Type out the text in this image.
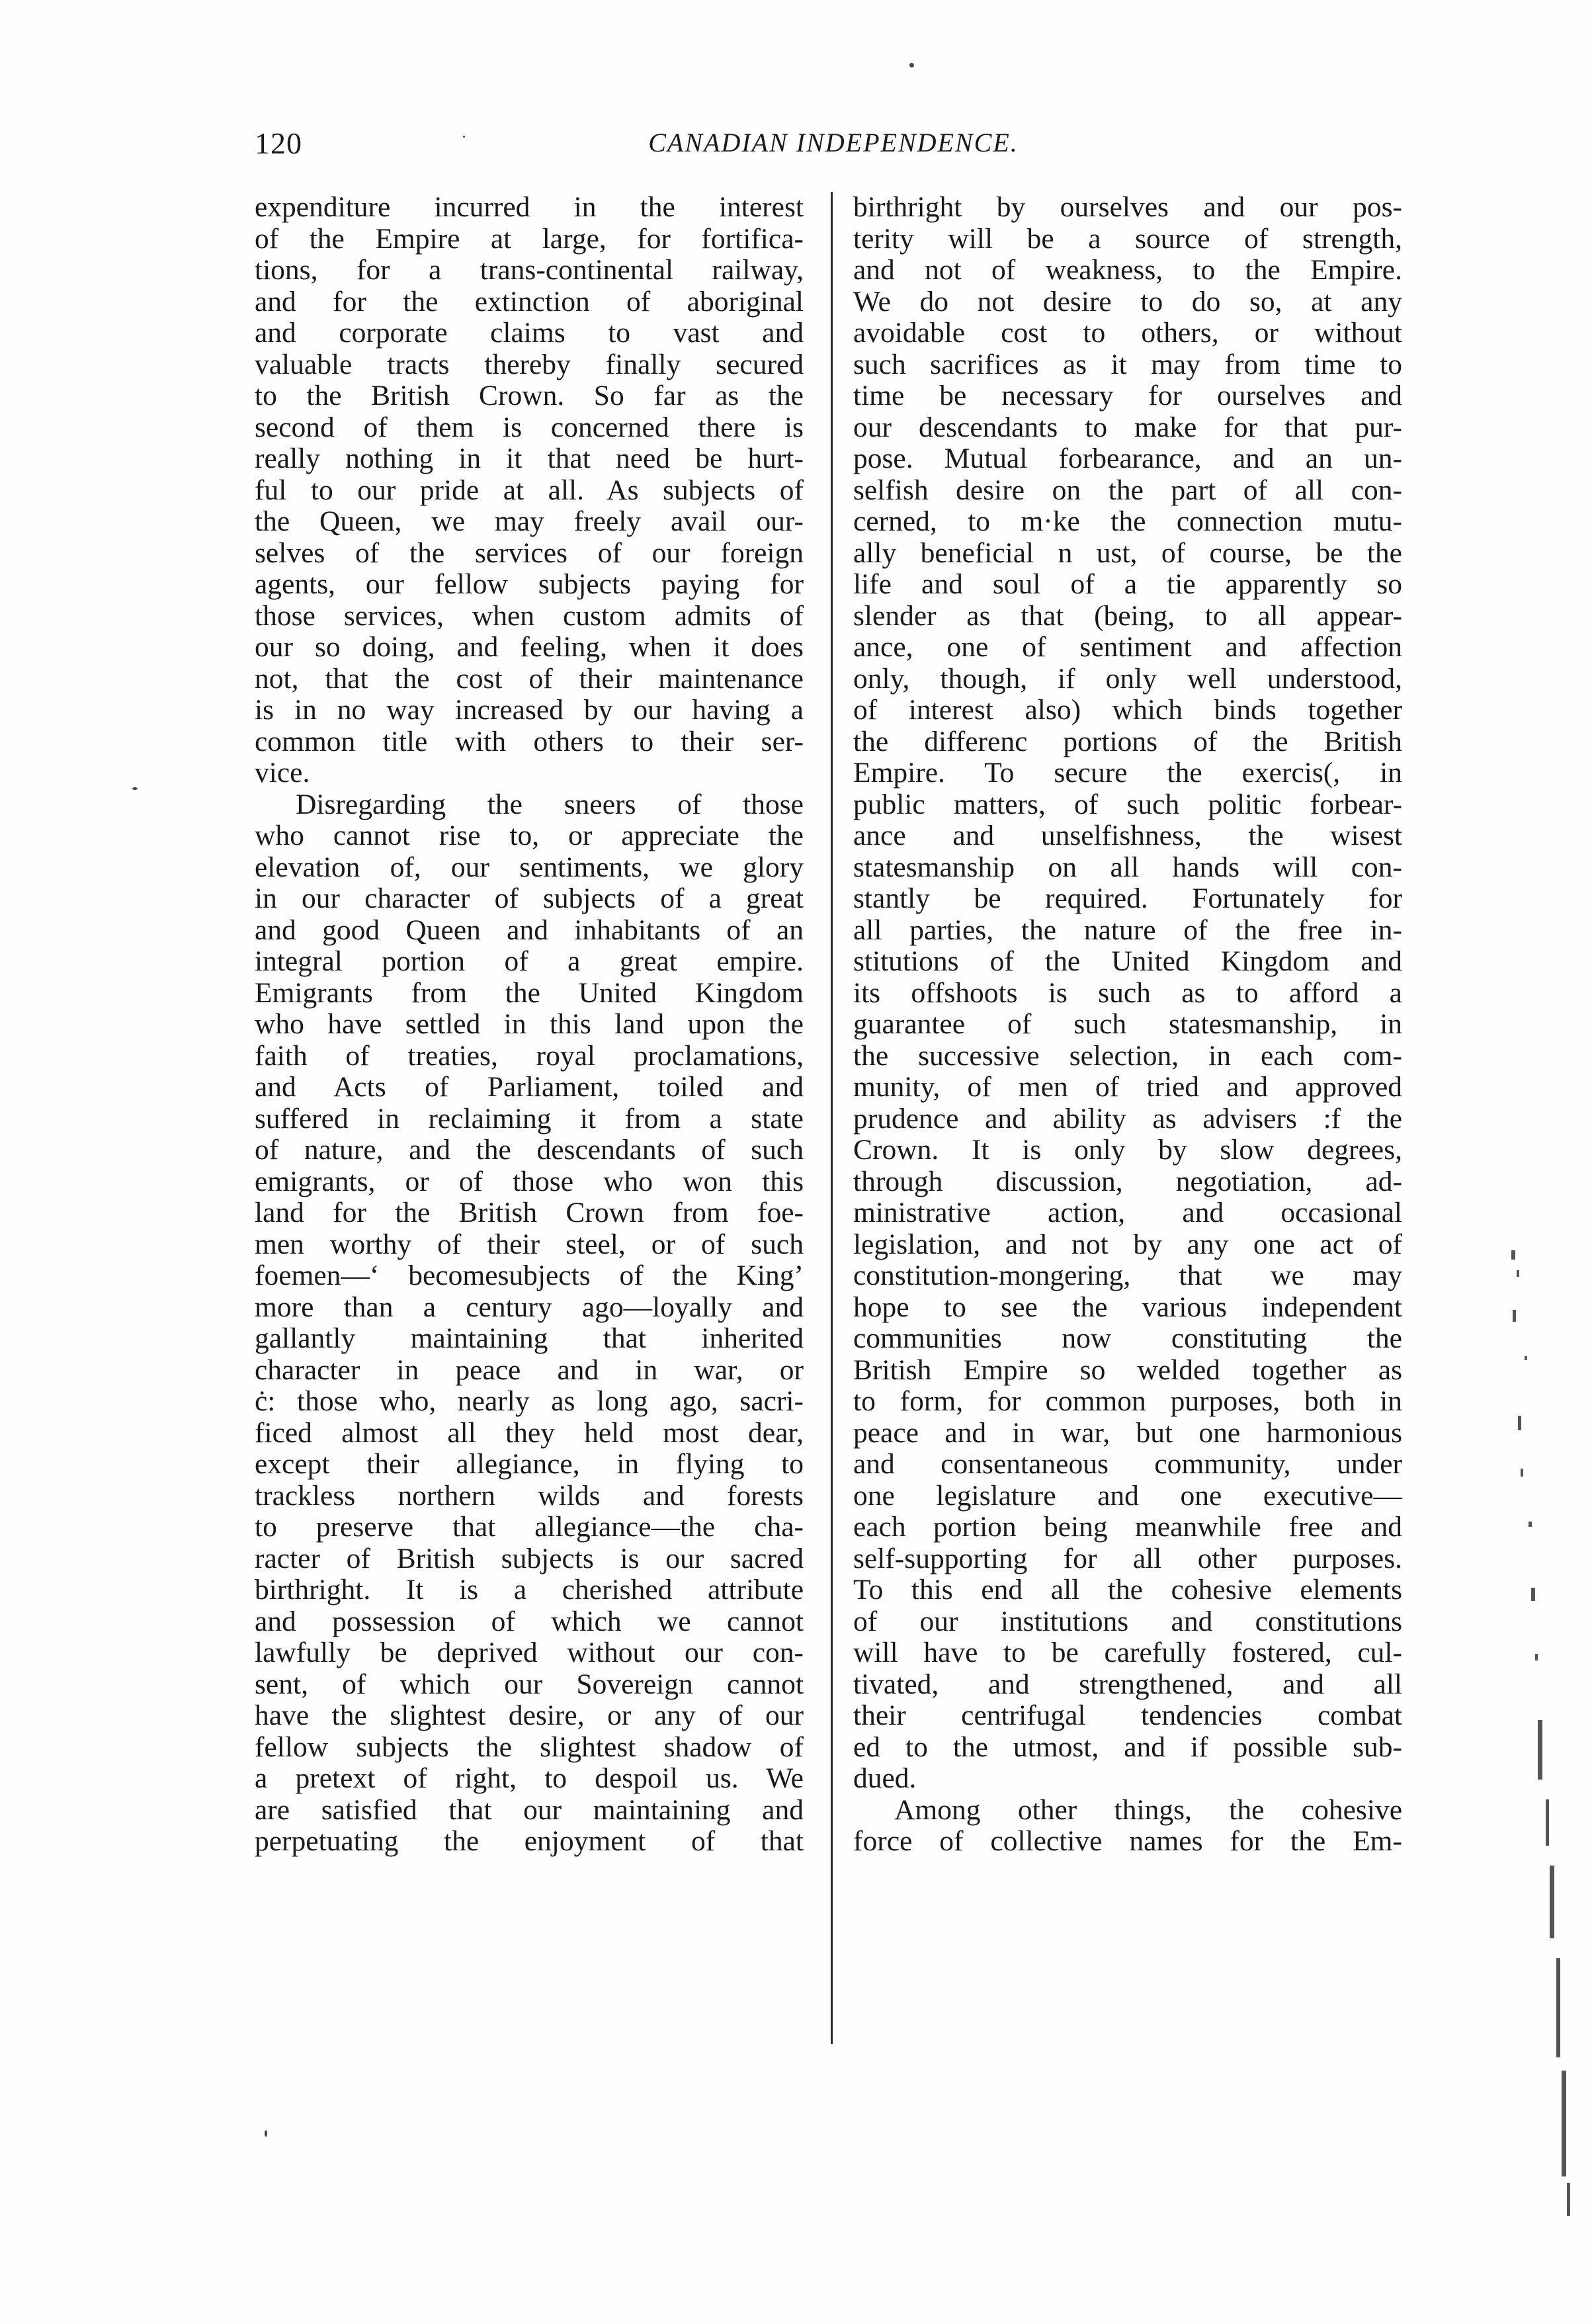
120	CANADIAN INDEPENDENCE.
expenditure incurred in the interest
of the Empire at large, for fortifica-
tions, for a trans-continental railway,
and for the extinction of aboriginal
and corporate claims to vast and
valuable tracts thereby finally secured
to the British Crown. So far as the
second of them is concerned there is
really nothing in it that need be hurt-
ful to our pride at all. As subjects of
the Queen, we may freely avail our-
selves of the services of our foreign
agents, our fellow subjects paying for
those services, when custom admits of
our so doing, and feeling, when it does
not, that the cost of their maintenance
is in no way increased by our having a
common title with others to their ser-
vice.
Disregarding the sneers of those
who cannot rise to, or appreciate the
elevation of, our sentiments, we glory
in our character of subjects of a great
and good Queen and inhabitants of an
integral portion of a great empire.
Emigrants from the United Kingdom
who have settled in this land upon the
faith of treaties, royal proclamations,
and Acts of Parliament, toiled and
suffered in reclaiming it from a state
of nature, and the descendants of such
emigrants, or of those who won this
land for the British Crown from foe-
men worthy of their steel, or of such
foemen—‘ becomesubjects of the King’
more than a century ago—loyally and
gallantly maintaining that inherited
character in peace and in war, or
ċ: those who, nearly as long ago, sacri-
ficed almost all they held most dear,
except their allegiance, in flying to
trackless northern wilds and forests
to preserve that allegiance—the cha-
racter of British subjects is our sacred
birthright. It is a cherished attribute
and possession of which we cannot
lawfully be deprived without our con-
sent, of which our Sovereign cannot
have the slightest desire, or any of our
fellow subjects the slightest shadow of
a pretext of right, to despoil us. We
are satisfied that our maintaining and
perpetuating the enjoyment of that
birthright by ourselves and our pos-
terity will be a source of strength,
and not of weakness, to the Empire.
We do not desire to do so, at any
avoidable cost to others, or without
such sacrifices as it may from time to
time be necessary for ourselves and
our descendants to make for that pur-
pose. Mutual forbearance, and an un-
selfish desire on the part of all con-
cerned, to m·ke the connection mutu-
ally beneficial n ust, of course, be the
life and soul of a tie apparently so
slender as that (being, to all appear-
ance, one of sentiment and affection
only, though, if only well understood,
of interest also) which binds together
the differenc portions of the British
Empire. To secure the exercis(, in
public matters, of such politic forbear-
ance and unselfishness, the wisest
statesmanship on all hands will con-
stantly be required. Fortunately for
all parties, the nature of the free in-
stitutions of the United Kingdom and
its offshoots is such as to afford a
guarantee of such statesmanship, in
the successive selection, in each com-
munity, of men of tried and approved
prudence and ability as advisers :f the
Crown. It is only by slow degrees,
through discussion, negotiation, ad-
ministrative action, and occasional
legislation, and not by any one act of
constitution-mongering, that we may
hope to see the various independent
communities now constituting the
British Empire so welded together as
to form, for common purposes, both in
peace and in war, but one harmonious
and consentaneous community, under
one legislature and one executive—
each portion being meanwhile free and
self-supporting for all other purposes.
To this end all the cohesive elements
of our institutions and constitutions
will have to be carefully fostered, cul-
tivated, and strengthened, and all
their centrifugal tendencies combat
ed to the utmost, and if possible sub-
dued.
Among other things, the cohesive
force of collective names for the Em-
